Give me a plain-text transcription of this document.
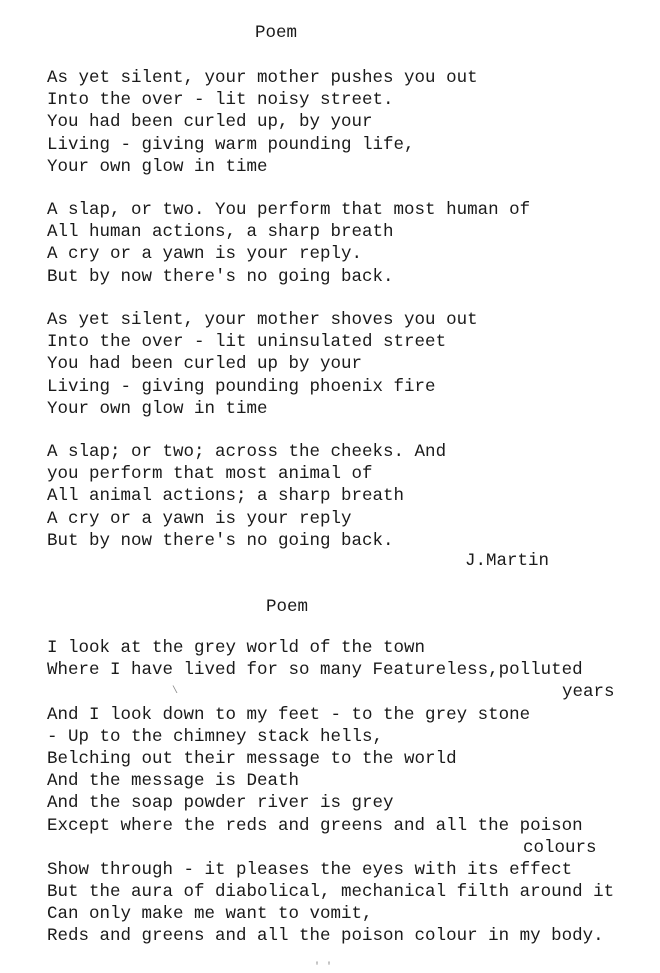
Poem
As yet silent, your mother pushes you out
Into the over - lit noisy street.
You had been curled up, by your
Living - giving warm pounding life,
Your own glow in time
A slap, or two. You perform that most human of
All human actions, a sharp breath
A cry or a yawn is your reply.
But by now there's no going back.
As yet silent, your mother shoves you out
Into the over - lit uninsulated street
You had been curled up by your
Living - giving pounding phoenix fire
Your own glow in time
A slap; or two; across the cheeks. And
you perform that most animal of
All animal actions; a sharp breath
A cry or a yawn is your reply
But by now there's no going back.
J.Martin
Poem
I look at the grey world of the town
Where I have lived for so many Featureless,polluted
years
And I look down to my feet - to the grey stone
- Up to the chimney stack hells,
Belching out their message to the world
And the message is Death
And the soap powder river is grey
Except where the reds and greens and all the poison
colours
Show through - it pleases the eyes with its effect
But the aura of diabolical, mechanical filth around it
Can only make me want to vomit,
Reds and greens and all the poison colour in my body.
\
' '
